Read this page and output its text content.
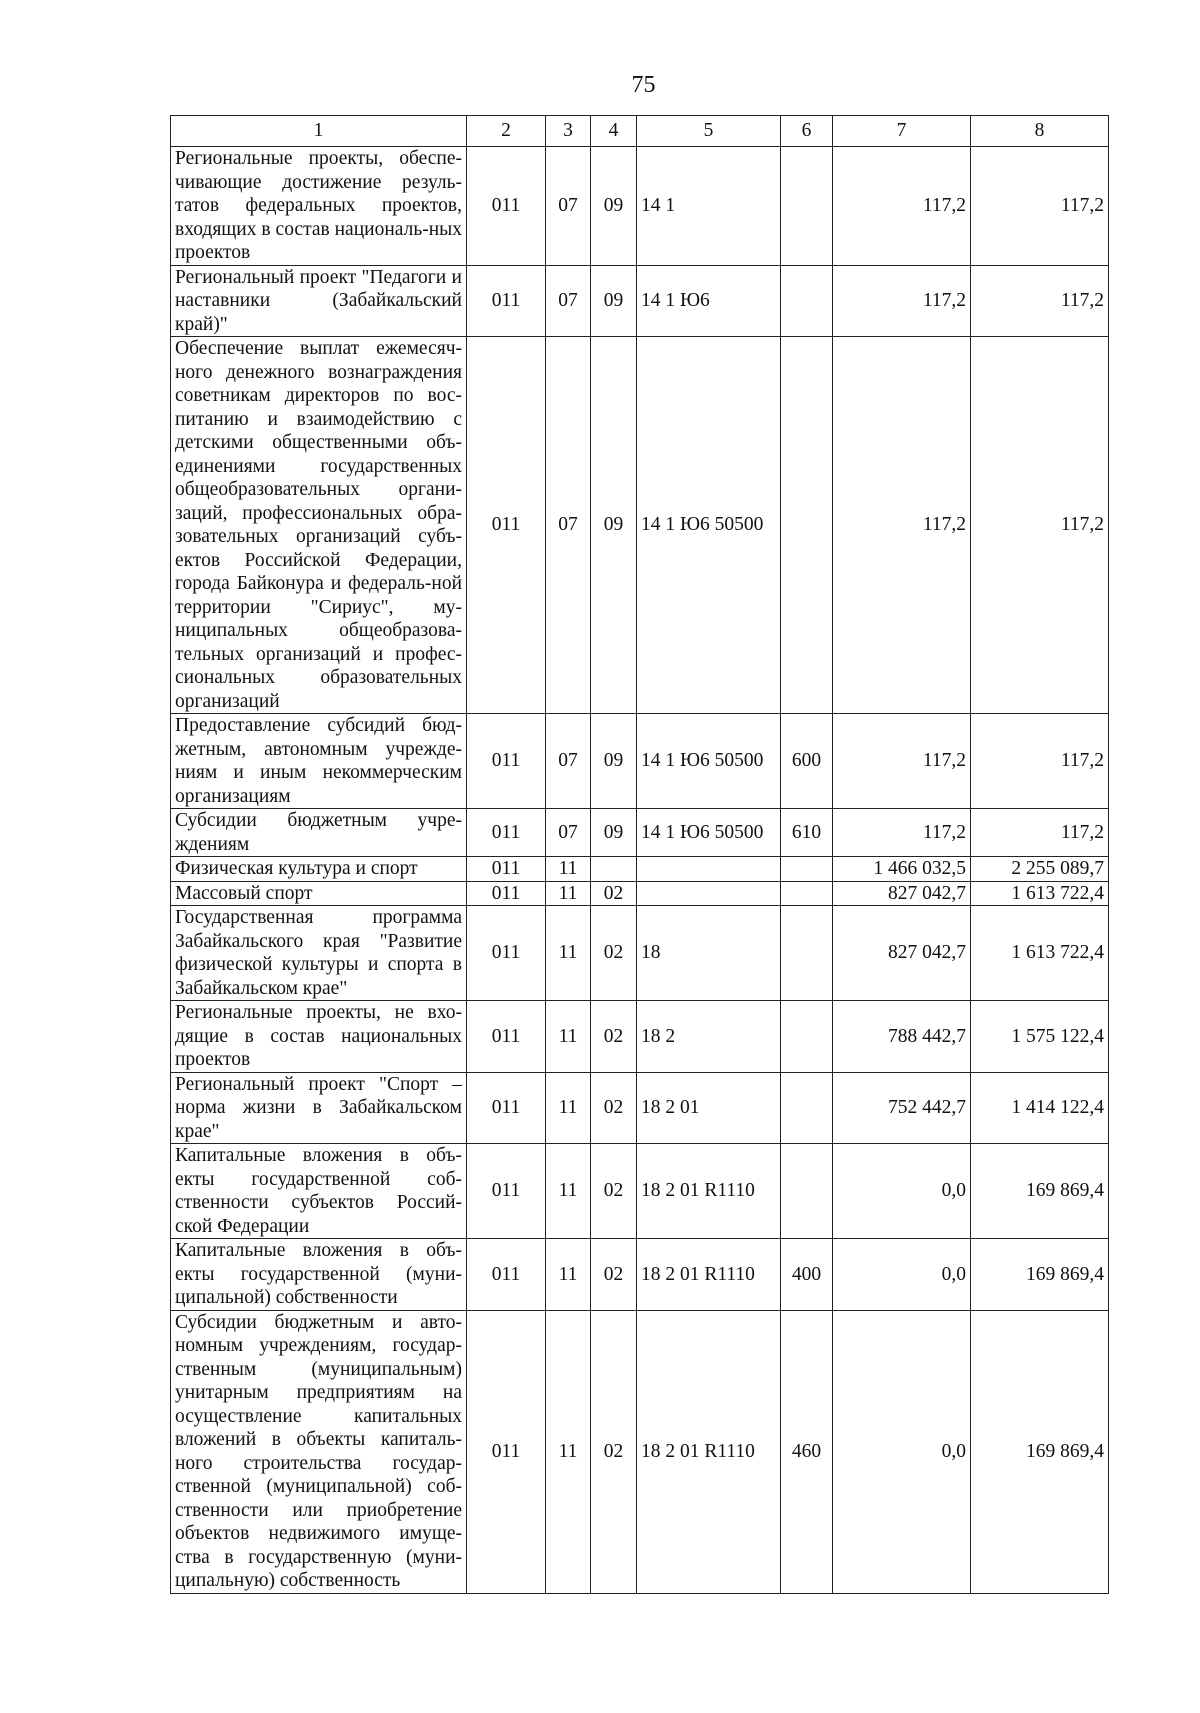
75
1	2	3	4	5	6	7	8
Региональные проекты, обеспе-чивающие достижение резуль-татов федеральных проектов, входящих в состав националь-ных проектов	011	07	09	14 1		117,2	117,2
Региональный проект "Педагоги и наставники (Забайкальский край)"	011	07	09	14 1 Ю6		117,2	117,2
Обеспечение выплат ежемесяч-ного денежного вознаграждения советникам директоров по вос-питанию и взаимодействию с детскими общественными объ-единениями государственных общеобразовательных органи-заций, профессиональных обра-зовательных организаций субъ-ектов Российской Федерации, города Байконура и федераль-ной территории "Сириус", му-ниципальных общеобразова-тельных организаций и профес-сиональных образовательных организаций	011	07	09	14 1 Ю6 50500		117,2	117,2
Предоставление субсидий бюд-жетным, автономным учрежде-ниям и иным некоммерческим организациям	011	07	09	14 1 Ю6 50500	600	117,2	117,2
Субсидии бюджетным учре-ждениям	011	07	09	14 1 Ю6 50500	610	117,2	117,2
Физическая культура и спорт	011	11				1 466 032,5	2 255 089,7
Массовый спорт	011	11	02			827 042,7	1 613 722,4
Государственная программа Забайкальского края "Развитие физической культуры и спорта в Забайкальском крае"	011	11	02	18		827 042,7	1 613 722,4
Региональные проекты, не вхо-дящие в состав национальных проектов	011	11	02	18 2		788 442,7	1 575 122,4
Региональный проект "Спорт – норма жизни в Забайкальском крае"	011	11	02	18 2 01		752 442,7	1 414 122,4
Капитальные вложения в объ-екты государственной соб-ственности субъектов Россий-ской Федерации	011	11	02	18 2 01 R1110		0,0	169 869,4
Капитальные вложения в объ-екты государственной (муни-ципальной) собственности	011	11	02	18 2 01 R1110	400	0,0	169 869,4
Субсидии бюджетным и авто-номным учреждениям, государ-ственным (муниципальным) унитарным предприятиям на осуществление капитальных вложений в объекты капиталь-ного строительства государ-ственной (муниципальной) соб-ственности или приобретение объектов недвижимого имуще-ства в государственную (муни-ципальную) собственность	011	11	02	18 2 01 R1110	460	0,0	169 869,4
